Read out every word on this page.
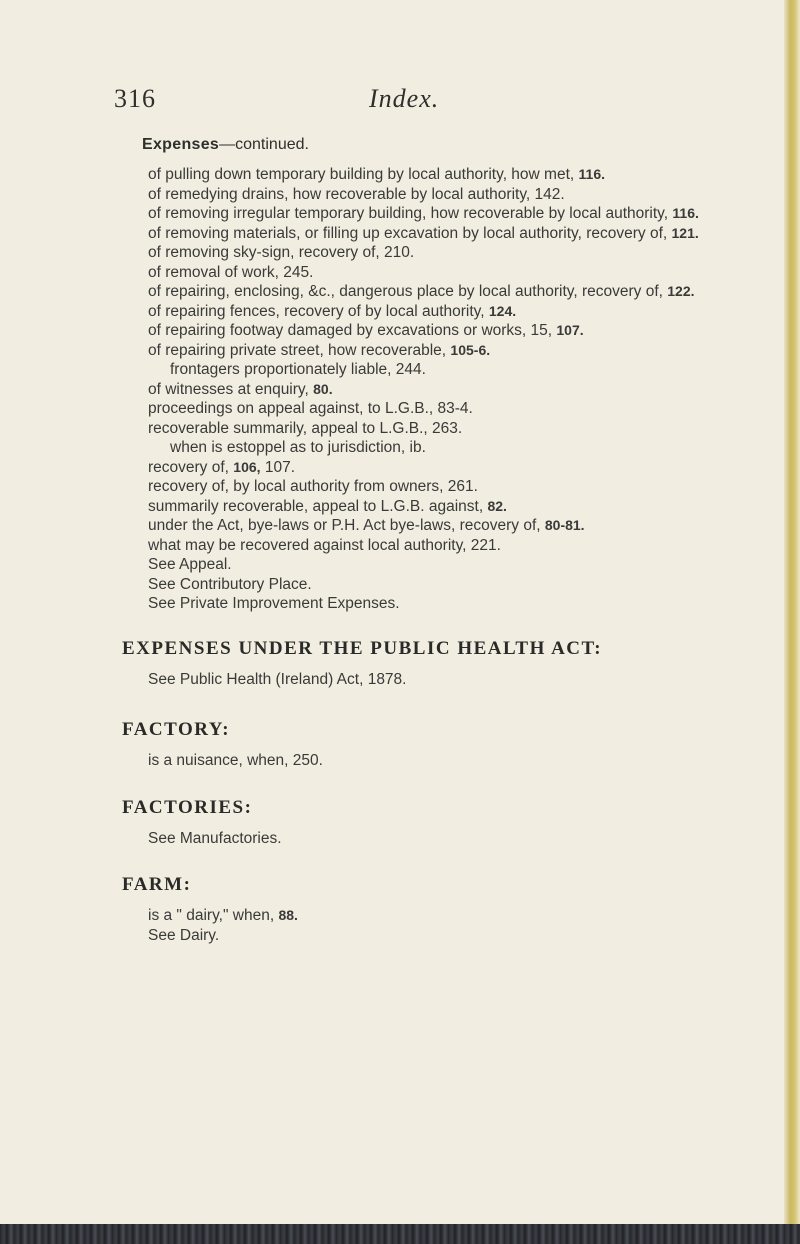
316	Index.

Expenses—continued.

of pulling down temporary building by local authority, how met, 116.

of remedying drains, how recoverable by local authority, 142.

of removing irregular temporary building, how recoverable by local authority, 116.

of removing materials, or filling up excavation by local authority, recovery of, 121.

of removing sky-sign, recovery of, 210.

of removal of work, 245.

of repairing, enclosing, &c., dangerous place by local authority, recovery of, 122.

of repairing fences, recovery of by local authority, 124.

of repairing footway damaged by excavations or works, 15, 107.

of repairing private street, how recoverable, 105-6.

frontagers proportionately liable, 244.

of witnesses at enquiry, 80.

proceedings on appeal against, to L.G.B., 83-4.

recoverable summarily, appeal to L.G.B., 263.

when is estoppel as to jurisdiction, ib.

recovery of, 106, 107.

recovery of, by local authority from owners, 261.

summarily recoverable, appeal to L.G.B. against, 82.

under the Act, bye-laws or P.H. Act bye-laws, recovery of, 80-81.

what may be recovered against local authority, 221.

See Appeal.

See Contributory Place.

See Private Improvement Expenses.

EXPENSES UNDER THE PUBLIC HEALTH ACT:

See Public Health (Ireland) Act, 1878.

FACTORY:

is a nuisance, when, 250.

FACTORIES:

See Manufactories.

FARM:

is a " dairy," when, 88.

See Dairy.
